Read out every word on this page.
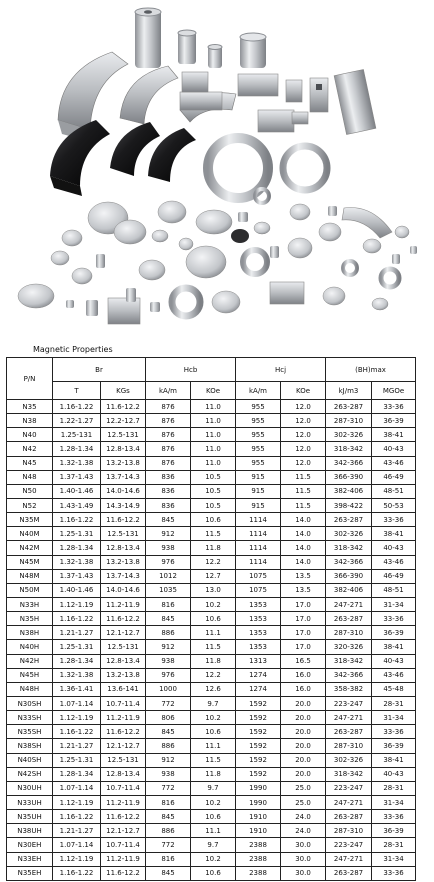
Magnetic Properties
P/N	Br		Hcb		Hcj		(BH)max	
	T	KGs	kA/m	KOe	kA/m	KOe	kJ/m3	MGOe
N35	1.16-1.22	11.6-12.2	876	11.0	955	12.0	263-287	33-36
N38	1.22-1.27	12.2-12.7	876	11.0	955	12.0	287-310	36-39
N40	1.25-131	12.5-131	876	11.0	955	12.0	302-326	38-41
N42	1.28-1.34	12.8-13.4	876	11.0	955	12.0	318-342	40-43
N45	1.32-1.38	13.2-13.8	876	11.0	955	12.0	342-366	43-46
N48	1.37-1.43	13.7-14.3	836	10.5	915	11.5	366-390	46-49
N50	1.40-1.46	14.0-14.6	836	10.5	915	11.5	382-406	48-51
N52	1.43-1.49	14.3-14.9	836	10.5	915	11.5	398-422	50-53
N35M	1.16-1.22	11.6-12.2	845	10.6	1114	14.0	263-287	33-36
N40M	1.25-1.31	12.5-131	912	11.5	1114	14.0	302-326	38-41
N42M	1.28-1.34	12.8-13.4	938	11.8	1114	14.0	318-342	40-43
N45M	1.32-1.38	13.2-13.8	976	12.2	1114	14.0	342-366	43-46
N48M	1.37-1.43	13.7-14.3	1012	12.7	1075	13.5	366-390	46-49
N50M	1.40-1.46	14.0-14.6	1035	13.0	1075	13.5	382-406	48-51
N33H	1.12-1.19	11.2-11.9	816	10.2	1353	17.0	247-271	31-34
N35H	1.16-1.22	11.6-12.2	845	10.6	1353	17.0	263-287	33-36
N38H	1.21-1.27	12.1-12.7	886	11.1	1353	17.0	287-310	36-39
N40H	1.25-1.31	12.5-131	912	11.5	1353	17.0	320-326	38-41
N42H	1.28-1.34	12.8-13.4	938	11.8	1313	16.5	318-342	40-43
N45H	1.32-1.38	13.2-13.8	976	12.2	1274	16.0	342-366	43-46
N48H	1.36-1.41	13.6-141	1000	12.6	1274	16.0	358-382	45-48
N30SH	1.07-1.14	10.7-11.4	772	9.7	1592	20.0	223-247	28-31
N33SH	1.12-1.19	11.2-11.9	806	10.2	1592	20.0	247-271	31-34
N35SH	1.16-1.22	11.6-12.2	845	10.6	1592	20.0	263-287	33-36
N38SH	1.21-1.27	12.1-12.7	886	11.1	1592	20.0	287-310	36-39
N40SH	1.25-1.31	12.5-131	912	11.5	1592	20.0	302-326	38-41
N42SH	1.28-1.34	12.8-13.4	938	11.8	1592	20.0	318-342	40-43
N30UH	1.07-1.14	10.7-11.4	772	9.7	1990	25.0	223-247	28-31
N33UH	1.12-1.19	11.2-11.9	816	10.2	1990	25.0	247-271	31-34
N35UH	1.16-1.22	11.6-12.2	845	10.6	1910	24.0	263-287	33-36
N38UH	1.21-1.27	12.1-12.7	886	11.1	1910	24.0	287-310	36-39
N30EH	1.07-1.14	10.7-11.4	772	9.7	2388	30.0	223-247	28-31
N33EH	1.12-1.19	11.2-11.9	816	10.2	2388	30.0	247-271	31-34
N35EH	1.16-1.22	11.6-12.2	845	10.6	2388	30.0	263-287	33-36
